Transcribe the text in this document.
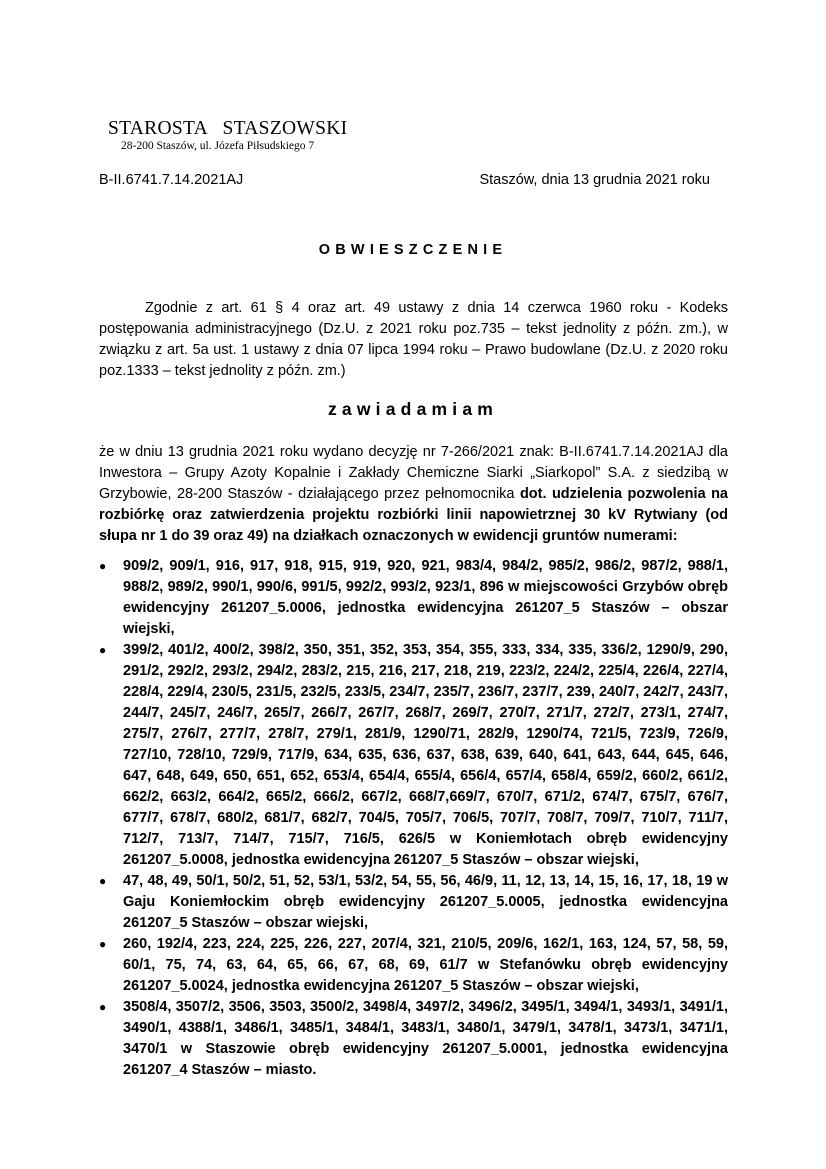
STAROSTA   STASZOWSKI
28-200 Staszów, ul. Józefa Piłsudskiego 7
B-II.6741.7.14.2021AJ	Staszów, dnia 13 grudnia 2021 roku
OBWIESZCZENIE

Zgodnie z art. 61 § 4 oraz art. 49 ustawy z dnia 14 czerwca 1960 roku - Kodeks postępowania administracyjnego (Dz.U. z 2021 roku poz.735 – tekst jednolity z późn. zm.), w związku z art. 5a ust. 1 ustawy z dnia 07 lipca 1994 roku – Prawo budowlane (Dz.U. z 2020 roku poz.1333 – tekst jednolity z późn. zm.)

zawiadamiam

że w dniu 13 grudnia 2021 roku wydano decyzję nr 7-266/2021 znak: B-II.6741.7.14.2021AJ dla Inwestora – Grupy Azoty Kopalnie i Zakłady Chemiczne Siarki „Siarkopol” S.A. z siedzibą w Grzybowie, 28-200 Staszów - działającego przez pełnomocnika dot. udzielenia pozwolenia na rozbiórkę oraz zatwierdzenia projektu rozbiórki linii napowietrznej 30 kV Rytwiany (od słupa nr 1 do 39 oraz 49) na działkach oznaczonych w ewidencji gruntów numerami:

● 909/2, 909/1, 916, 917, 918, 915, 919, 920, 921, 983/4, 984/2, 985/2, 986/2, 987/2, 988/1, 988/2, 989/2, 990/1, 990/6, 991/5, 992/2, 993/2, 923/1, 896 w miejscowości Grzybów obręb ewidencyjny 261207_5.0006, jednostka ewidencyjna 261207_5 Staszów – obszar wiejski,
● 399/2, 401/2, 400/2, 398/2, 350, 351, 352, 353, 354, 355, 333, 334, 335, 336/2, 1290/9, 290, 291/2, 292/2, 293/2, 294/2, 283/2, 215, 216, 217, 218, 219, 223/2, 224/2, 225/4, 226/4, 227/4, 228/4, 229/4, 230/5, 231/5, 232/5, 233/5, 234/7, 235/7, 236/7, 237/7, 239, 240/7, 242/7, 243/7, 244/7, 245/7, 246/7, 265/7, 266/7, 267/7, 268/7, 269/7, 270/7, 271/7, 272/7, 273/1, 274/7, 275/7, 276/7, 277/7, 278/7, 279/1, 281/9, 1290/71, 282/9, 1290/74, 721/5, 723/9, 726/9, 727/10, 728/10, 729/9, 717/9, 634, 635, 636, 637, 638, 639, 640, 641, 643, 644, 645, 646, 647, 648, 649, 650, 651, 652, 653/4, 654/4, 655/4, 656/4, 657/4, 658/4, 659/2, 660/2, 661/2, 662/2, 663/2, 664/2, 665/2, 666/2, 667/2, 668/7,669/7, 670/7, 671/2, 674/7, 675/7, 676/7, 677/7, 678/7, 680/2, 681/7, 682/7, 704/5, 705/7, 706/5, 707/7, 708/7, 709/7, 710/7, 711/7, 712/7, 713/7, 714/7, 715/7, 716/5, 626/5 w Koniemłotach obręb ewidencyjny 261207_5.0008, jednostka ewidencyjna 261207_5 Staszów – obszar wiejski,
● 47, 48, 49, 50/1, 50/2, 51, 52, 53/1, 53/2, 54, 55, 56, 46/9, 11, 12, 13, 14, 15, 16, 17, 18, 19 w Gaju Koniemłockim obręb ewidencyjny 261207_5.0005, jednostka ewidencyjna 261207_5 Staszów – obszar wiejski,
● 260, 192/4, 223, 224, 225, 226, 227, 207/4, 321, 210/5, 209/6, 162/1, 163, 124, 57, 58, 59, 60/1, 75, 74, 63, 64, 65, 66, 67, 68, 69, 61/7 w Stefanówku obręb ewidencyjny 261207_5.0024, jednostka ewidencyjna 261207_5 Staszów – obszar wiejski,
● 3508/4, 3507/2, 3506, 3503, 3500/2, 3498/4, 3497/2, 3496/2, 3495/1, 3494/1, 3493/1, 3491/1, 3490/1, 4388/1, 3486/1, 3485/1, 3484/1, 3483/1, 3480/1, 3479/1, 3478/1, 3473/1, 3471/1, 3470/1 w Staszowie obręb ewidencyjny 261207_5.0001, jednostka ewidencyjna 261207_4 Staszów – miasto.
